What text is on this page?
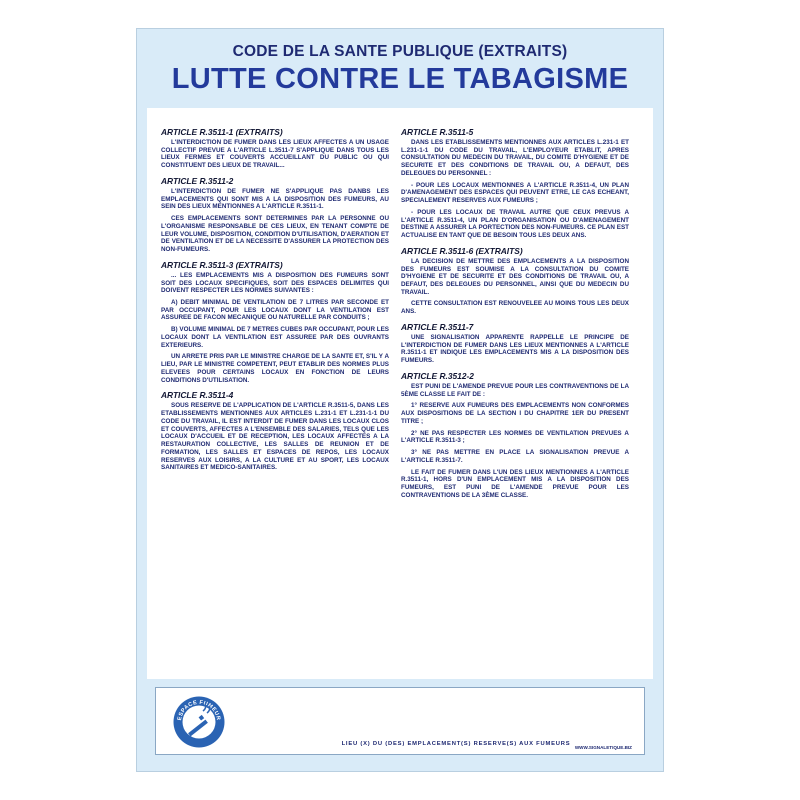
CODE DE LA SANTE PUBLIQUE (EXTRAITS)
LUTTE CONTRE LE TABAGISME
ARTICLE R.3511-1 (EXTRAITS)

L'INTERDICTION DE FUMER DANS LES LIEUX AFFECTES A UN USAGE COLLECTIF PREVUE A L'ARTICLE L.3511-7 S'APPLIQUE DANS TOUS LES LIEUX FERMES ET COUVERTS ACCUEILLANT DU PUBLIC OU QUI CONSTITUENT DES LIEUX DE TRAVAIL...

ARTICLE R.3511-2

L'INTERDICTION DE FUMER NE S'APPLIQUE PAS DANBS LES EMPLACEMENTS QUI SONT MIS A LA DISPOSITION DES FUMEURS, AU SEIN DES LIEUX MENTIONNES A L'ARTICLE R.3511-1.

CES EMPLACEMENTS SONT DETERMINES PAR LA PERSONNE OU L'ORGANISME RESPONSABLE DE CES LIEUX, EN TENANT COMPTE DE LEUR VOLUME, DISPOSITION, CONDITION D'UTILISATION, D'AERATION ET DE VENTILATION ET DE LA NECESSITE D'ASSURER LA PROTECTION DES NON-FUMEURS.

ARTICLE R.3511-3 (EXTRAITS)

... LES EMPLACEMENTS MIS A DISPOSITION DES FUMEURS SONT SOIT DES LOCAUX SPECIFIQUES, SOIT DES ESPACES DELIMITES QUI DOIVENT RESPECTER LES NORMES SUIVANTES :

A) DEBIT MINIMAL DE VENTILATION DE 7 LITRES PAR SECONDE ET PAR OCCUPANT, POUR LES LOCAUX DONT LA VENTILATION EST ASSUREE DE FACON MECANIQUE OU NATURELLE PAR CONDUITS ;

B) VOLUME MINIMAL DE 7 METRES CUBES PAR OCCUPANT, POUR LES LOCAUX DONT LA VENTILATION EST ASSUREE PAR DES OUVRANTS EXTERIEURS.

UN ARRETE PRIS PAR LE MINISTRE CHARGE DE LA SANTE ET, S'IL Y A LIEU, PAR LE MINISTRE COMPETENT, PEUT ETABLIR DES NORMES PLUS ELEVEES POUR CERTAINS LOCAUX EN FONCTION DE LEURS CONDITIONS D'UTILISATION.

ARTICLE R.3511-4

SOUS RESERVE DE L'APPLICATION DE L'ARTICLE R.3511-5, DANS LES ETABLISSEMENTS MENTIONNES AUX ARTICLES L.231-1 ET L.231-1-1 DU CODE DU TRAVAIL, IL EST INTERDIT DE FUMER DANS LES LOCAUX CLOS ET COUVERTS, AFFECTES A L'ENSEMBLE DES SALARIES, TELS QUE LES LOCAUX D'ACCUEIL ET DE RECEPTION, LES LOCAUX AFFECTES A LA RESTAURATION COLLECTIVE, LES SALLES DE REUNION ET DE FORMATION, LES SALLES ET ESPACES DE REPOS, LES LOCAUX RESERVES AUX LOISIRS, A LA CULTURE ET AU SPORT, LES LOCAUX SANITAIRES ET MEDICO-SANITAIRES.

ARTICLE R.3511-5

DANS LES ETABLISSEMENTS MENTIONNES AUX ARTICLES L.231-1 ET L.231-1-1 DU CODE DU TRAVAIL, L'EMPLOYEUR ETABLIT, APRES CONSULTATION DU MEDECIN DU TRAVAIL, DU COMITE D'HYGIENE ET DE SECURITE ET DES CONDITIONS DE TRAVAIL OU, A DEFAUT, DES DELEGUES DU PERSONNEL :

- POUR LES LOCAUX MENTIONNES A L'ARTICLE R.3511-4, UN PLAN D'AMENAGEMENT DES ESPACES QUI PEUVENT ETRE, LE CAS ECHEANT, SPECIALEMENT RESERVES AUX FUMEURS ;

- POUR LES LOCAUX DE TRAVAIL AUTRE QUE CEUX PREVUS A L'ARTICLE R.3511-4, UN PLAN D'ORGANISATION OU D'AMENAGEMENT DESTINE A ASSURER LA PORTECTION DES NON-FUMEURS. CE PLAN EST ACTUALISE EN TANT QUE DE BESOIN TOUS LES DEUX ANS.

ARTICLE R.3511-6 (EXTRAITS)

LA DECISION DE METTRE DES EMPLACEMENTS A LA DISPOSITION DES FUMEURS EST SOUMISE A LA CONSULTATION DU COMITE D'HYGIENE ET DE SECURITE ET DES CONDITIONS DE TRAVAIL OU, A DEFAUT, DES DELEGUES DU PERSONNEL, AINSI QUE DU MEDECIN DU TRAVAIL.

CETTE CONSULTATION EST RENOUVELEE AU MOINS TOUS LES DEUX ANS.

ARTICLE R.3511-7

UNE SIGNALISATION APPARENTE RAPPELLE LE PRINCIPE DE L'INTERDICTION DE FUMER DANS LES LIEUX MENTIONNES A L'ARTICLE R.3511-1 ET INDIQUE LES EMPLACEMENTS MIS A LA DISPOSITION DES FUMEURS.

ARTICLE R.3512-2

EST PUNI DE L'AMENDE PREVUE POUR LES CONTRAVENTIONS DE LA 5ÈME CLASSE LE FAIT DE :

1° RESERVE AUX FUMEURS DES EMPLACEMENTS NON CONFORMES AUX DISPOSITIONS DE LA SECTION I DU CHAPITRE 1ER DU PRESENT TITRE ;

2° NE PAS RESPECTER LES NORMES DE VENTILATION PREVUES A L'ARTICLE R.3511-3 ;

3° NE PAS METTRE EN PLACE LA SIGNALISATION PREVUE A L'ARTICLE R.3511-7.

LE FAIT DE FUMER DANS L'UN DES LIEUX MENTIONNES A L'ARTICLE R.3511-1, HORS D'UN EMPLACEMENT MIS A LA DISPOSITION DES FUMEURS, EST PUNI DE L'AMENDE PREVUE POUR LES CONTRAVENTIONS DE LA 3ÈME CLASSE.

ESPACE FUMEUR
LIEU (X) DU (DES) EMPLACEMENT(S) RESERVE(S) AUX FUMEURS
WWW.SIGNALETIQUE.BIZ
